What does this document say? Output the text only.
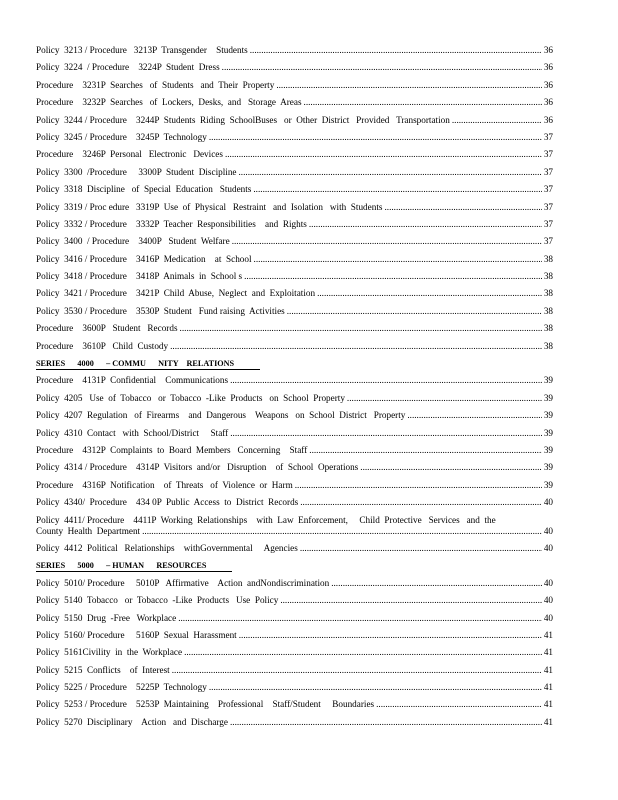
Policy  3213 / Procedure   3213P  Transgender    Students .....	36
Policy  3224  / Procedure    3224P  Student  Dress .....	36
Procedure    3231P  Searches   of  Students   and  Their  Property .....	36
Procedure    3232P  Searches   of  Lockers,  Desks,  and   Storage  Areas .....	36
Policy  3244 / Procedure    3244P  Students  Riding  SchoolBuses   or  Other  District   Provided   Transportation .....	36
Policy  3245 / Procedure    3245P  Technology .....	37
Procedure    3246P  Personal   Electronic   Devices .....	37
Policy  3300  /Procedure     3300P  Student  Discipline .....	37
Policy  3318  Discipline   of  Special  Education   Students .....	37
Policy  3319 / Proc edure   3319P  Use  of  Physical   Restraint   and  Isolation   with  Students .....	37
Policy  3332 / Procedure    3332P  Teacher  Responsibilities    and  Rights .....	37
Policy  3400  / Procedure    3400P   Student  Welfare .....	37
Policy  3416 / Procedure    3416P  Medication    at  School .....	38
Policy  3418 / Procedure    3418P  Animals  in  School s .....	38
Policy  3421 / Procedure    3421P  Child  Abuse,  Neglect  and  Exploitation .....	38
Policy  3530 / Procedure    3530P  Student   Fund raising  Activities .....	38
Procedure    3600P   Student   Records .....	38
Procedure    3610P   Child  Custody .....	38
SERIES      4000      – COMMU      NITY    RELATIONS
Procedure    4131P  Confidential    Communications .....	39
Policy  4205   Use  of  Tobacco   or  Tobacco  -Like  Products   on  School  Property .....	39
Policy  4207  Regulation   of  Firearms    and  Dangerous    Weapons   on  School  District   Property .....	39
Policy  4310  Contact   with  School/District     Staff .....	39
Procedure    4312P  Complaints  to  Board  Members   Concerning    Staff .....	39
Policy  4314 / Procedure    4314P  Visitors  and/or   Disruption    of  School  Operations .....	39
Procedure    4316P  Notification    of  Threats   of  Violence  or  Harm .....	39
Policy  4340/  Procedure    434 0P  Public  Access  to  District  Records .....	40
Policy  4411/ Procedure    4411P  Working  Relationships    with  Law  Enforcement,     Child  Protective   Services   and  the
County  Health  Department .....	40
Policy  4412  Political   Relationships    withGovernmental     Agencies .....	40
SERIES      5000      – HUMAN      RESOURCES
Policy  5010/ Procedure     5010P   Affirmative    Action  andNondiscrimination .....	40
Policy  5140  Tobacco   or  Tobacco  -Like  Products   Use  Policy .....	40
Policy  5150  Drug  -Free   Workplace .....	40
Policy  5160/ Procedure     5160P  Sexual  Harassment .....	41
Policy  5161Civility  in  the  Workplace .....	41
Policy  5215  Conflicts    of  Interest .....	41
Policy  5225 / Procedure    5225P  Technology .....	41
Policy  5253 / Procedure    5253P  Maintaining    Professional    Staff/Student     Boundaries .....	41
Policy  5270  Disciplinary    Action   and  Discharge .....	41
